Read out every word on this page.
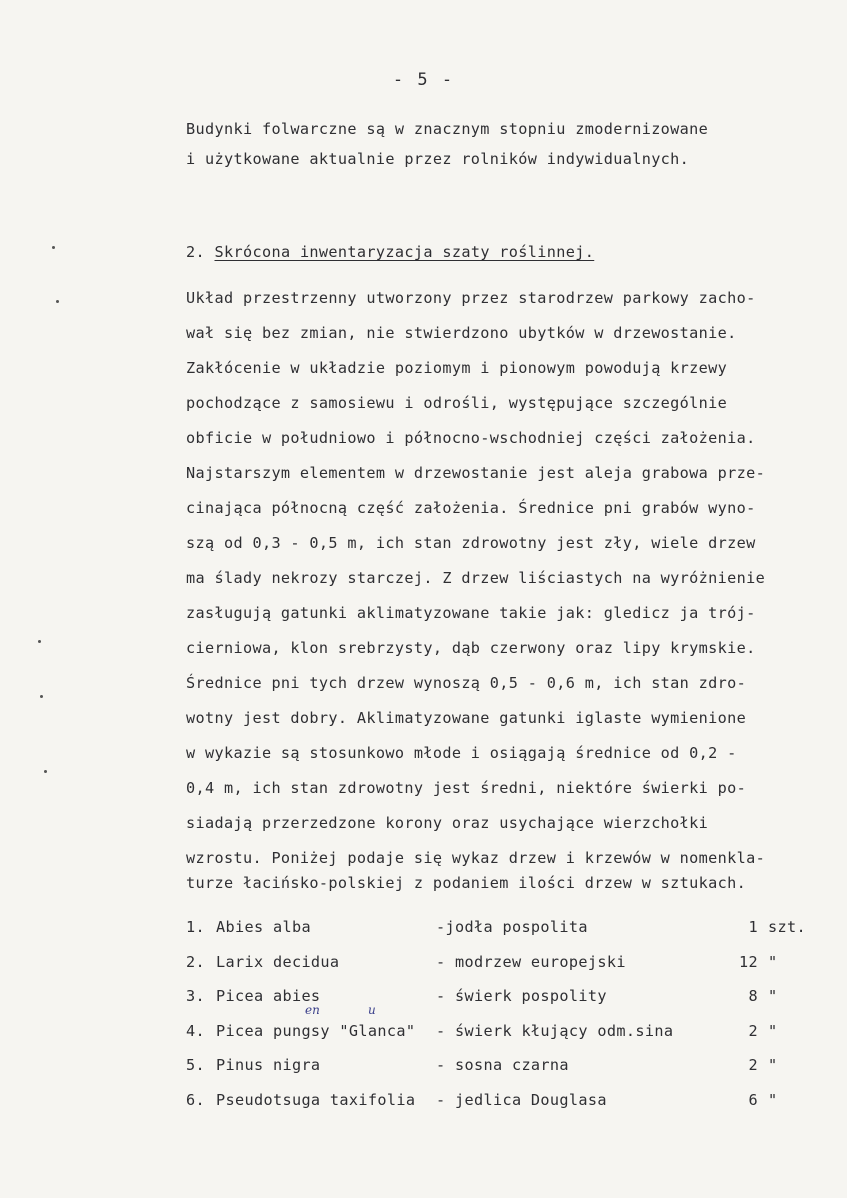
- 5 -
Budynki folwarczne są w znacznym stopniu zmodernizowane
i użytkowane aktualnie przez rolników indywidualnych.
2. Skrócona inwentaryzacja szaty roślinnej.
Układ przestrzenny utworzony przez starodrzew parkowy zacho-
wał się bez zmian, nie stwierdzono ubytków w drzewostanie.
Zakłócenie w układzie poziomym i pionowym powodują krzewy
pochodzące z samosiewu i odrośli, występujące szczególnie
obficie w południowo i północno-wschodniej części założenia.
Najstarszym elementem w drzewostanie jest aleja grabowa prze-
cinająca północną część założenia. Średnice pni grabów wyno-
szą od 0,3 - 0,5 m, ich stan zdrowotny jest zły, wiele drzew
ma ślady nekrozy starczej. Z drzew liściastych na wyróżnienie
zasługują gatunki aklimatyzowane takie jak: gledicz ja trój-
cierniowa, klon srebrzysty, dąb czerwony oraz lipy krymskie.
Średnice pni tych drzew wynoszą 0,5 - 0,6 m, ich stan zdro-
wotny jest dobry. Aklimatyzowane gatunki iglaste wymienione
w wykazie są stosunkowo młode i osiągają średnice od 0,2 -
0,4 m, ich stan zdrowotny jest średni, niektóre świerki po-
siadają przerzedzone korony oraz usychające wierzchołki
wzrostu. Poniżej podaje się wykaz drzew i krzewów w nomenkla-
turze łacińsko-polskiej z podaniem ilości drzew w sztukach.
1. Abies alba	-jodła pospolita	1 szt.
2. Larix decidua	- modrzew europejski	12 "
3. Picea abies	- świerk pospolity	8 "
4. Picea pungsy "Glanca" - świerk kłujący odm.sina	2 "
5. Pinus nigra	- sosna czarna	2 "
6. Pseudotsuga taxifolia - jedlica Douglasa	6 "
en	u
